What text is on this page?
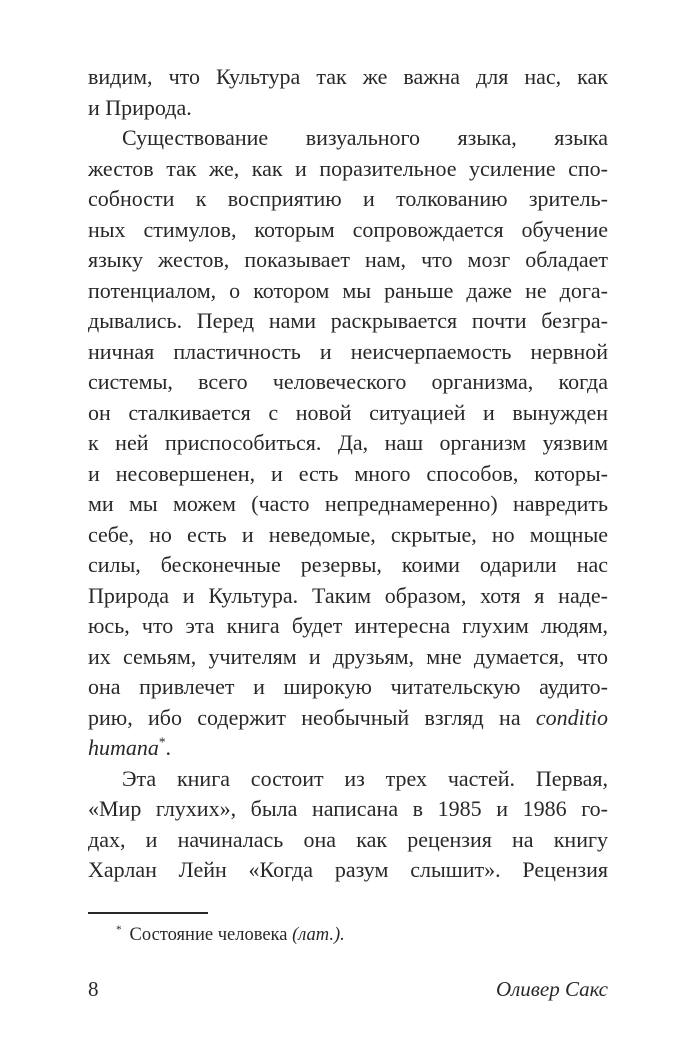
видим, что Культура так же важна для нас, как
и Природа.
Существование визуального языка, языка
жестов так же, как и поразительное усиление спо-
собности к восприятию и толкованию зритель-
ных стимулов, которым сопровождается обучение
языку жестов, показывает нам, что мозг обладает
потенциалом, о котором мы раньше даже не дога-
дывались. Перед нами раскрывается почти безгра-
ничная пластичность и неисчерпаемость нервной
системы, всего человеческого организма, когда
он сталкивается с новой ситуацией и вынужден
к ней приспособиться. Да, наш организм уязвим
и несовершенен, и есть много способов, которы-
ми мы можем (часто непреднамеренно) навредить
себе, но есть и неведомые, скрытые, но мощные
силы, бесконечные резервы, коими одарили нас
Природа и Культура. Таким образом, хотя я наде-
юсь, что эта книга будет интересна глухим людям,
их семьям, учителям и друзьям, мне думается, что
она привлечет и широкую читательскую аудито-
рию, ибо содержит необычный взгляд на conditio
humana*.
Эта книга состоит из трех частей. Первая,
«Мир глухих», была написана в 1985 и 1986 го-
дах, и начиналась она как рецензия на книгу
Харлан Лейн «Когда разум слышит». Рецензия
* Состояние человека (лат.).
8	Оливер Сакс
